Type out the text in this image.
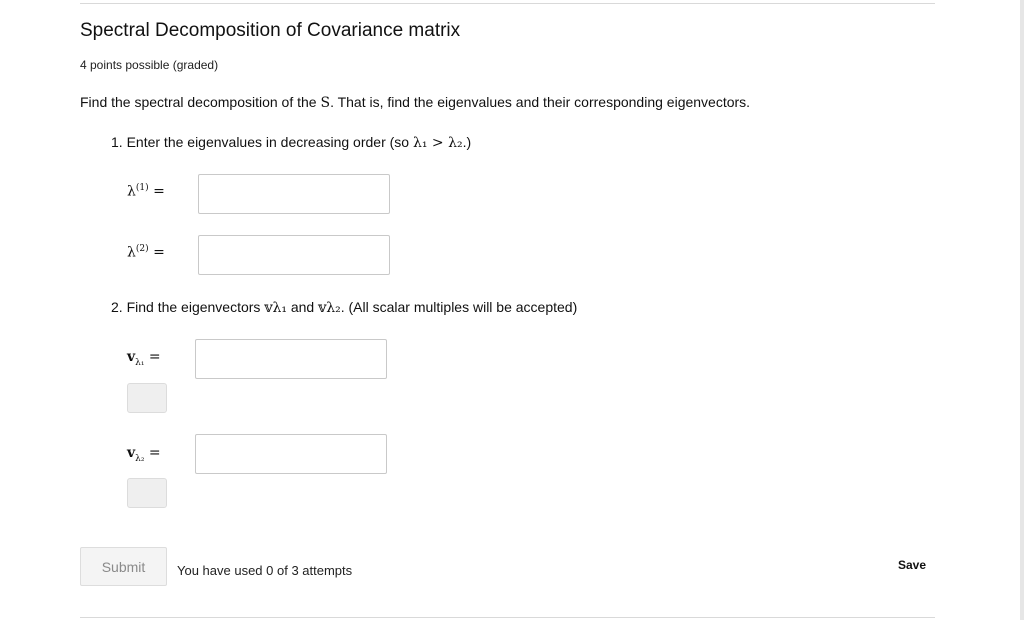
Spectral Decomposition of Covariance matrix
4 points possible (graded)
Find the spectral decomposition of the S. That is, find the eigenvalues and their corresponding eigenvectors.
1. Enter the eigenvalues in decreasing order (so λ₁ > λ₂.)
$\lambda^{(1)}$ =
$\lambda^{(2)}$ =
2. Find the eigenvectors 𝕧λ₁ and 𝕧λ₂. (All scalar multiples will be accepted)
$v_{\lambda_1}$ =
$v_{\lambda_2}$ =
Submit	You have used 0 of 3 attempts	Save
